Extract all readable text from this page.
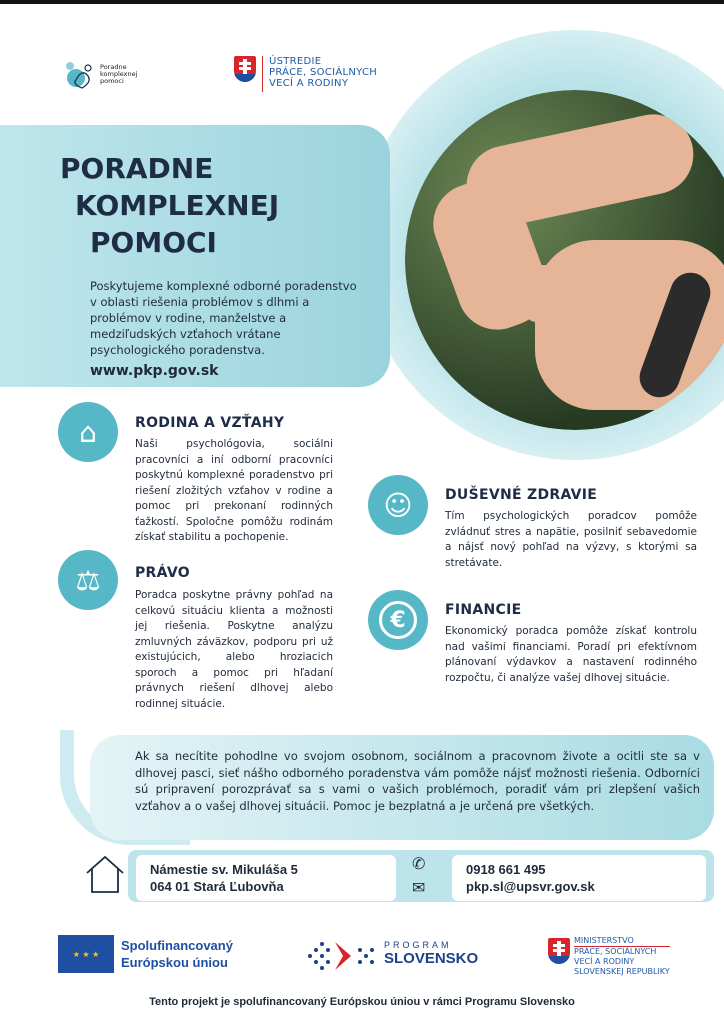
Poradne
komplexnej
pomoci
ÚSTREDIE
PRÁCE, SOCIÁLNYCH
VECÍ A RODINY
PORADNE
KOMPLEXNEJ
POMOCI
Poskytujeme komplexné odborné poradenstvo v oblasti riešenia problémov s dlhmi a problémov v rodine, manželstve a medziľudských vzťahoch vrátane psychologického poradenstva.
www.pkp.gov.sk
⌂	RODINA A VZŤAHY
Naši psychológovia, sociálni pracovníci a iní odborní pracovníci poskytnú komplexné poradenstvo pri riešení zložitých vzťahov v rodine a pomoc pri prekonaní rodinných ťažkostí. Spoločne pomôžu rodinám získať stabilitu a pochopenie.
⚖	PRÁVO
Poradca poskytne právny pohľad na celkovú situáciu klienta a možnosti jej riešenia. Poskytne analýzu zmluvných záväzkov, podporu pri už existujúcich, alebo hroziacich sporoch a pomoc pri hľadaní právnych riešení dlhovej alebo rodinnej situácie.
☺	DUŠEVNÉ ZDRAVIE
Tím psychologických poradcov pomôže zvládnuť stres a napätie, posilniť sebavedomie a nájsť nový pohľad na výzvy, s ktorými sa stretávate.
€	FINANCIE
Ekonomický poradca pomôže získať kontrolu nad vašimi financiami. Poradí pri efektívnom plánovaní výdavkov a nastavení rodinného rozpočtu, či analýze vašej dlhovej situácie.
Ak sa necítite pohodlne vo svojom osobnom, sociálnom a pracovnom živote a ocitli ste sa v dlhovej pasci, sieť nášho odborného poradenstva vám pomôže nájsť možnosti riešenia. Odborníci sú pripravení porozprávať sa s vami o vašich problémoch, poradiť vám pri zlepšení vašich vzťahov a o vašej dlhovej situácii. Pomoc je bezplatná a je určená pre všetkých.
Námestie sv. Mikuláša 5
064 01 Stará Ľubovňa
✆
✉
0918 661 495
pkp.sl@upsvr.gov.sk
★ ★ ★
Spolufinancovaný
Európskou úniou
PROGRAM
SLOVENSKO
MINISTERSTVO
PRÁCE, SOCIÁLNYCH
VECÍ A RODINY
SLOVENSKEJ REPUBLIKY
Tento projekt je spolufinancovaný Európskou úniou v rámci Programu Slovensko
